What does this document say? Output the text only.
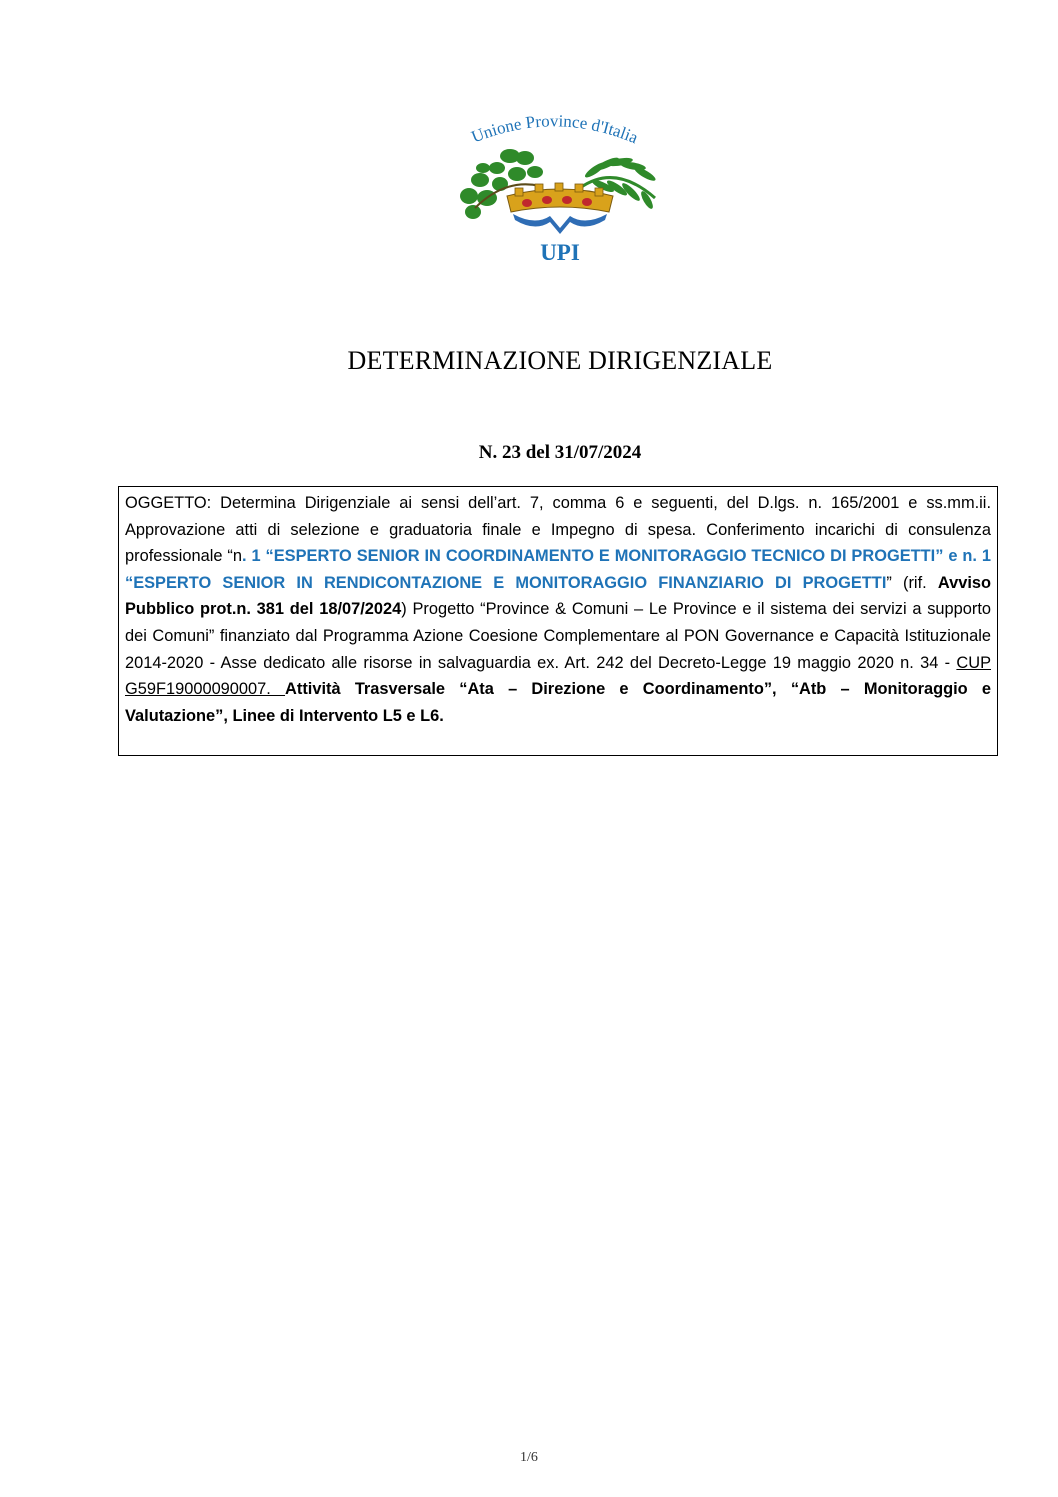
Unione Province d'Italia
UPI
DETERMINAZIONE DIRIGENZIALE
N. 23 del 31/07/2024
OGGETTO: Determina Dirigenziale ai sensi dell’art. 7, comma 6 e seguenti, del D.lgs. n. 165/2001 e ss.mm.ii. Approvazione atti di selezione e graduatoria finale e Impegno di spesa. Conferimento incarichi di consulenza professionale “n. 1 “ESPERTO SENIOR IN COORDINAMENTO E MONITORAGGIO TECNICO DI PROGETTI” e n. 1 “ESPERTO SENIOR IN RENDICONTAZIONE E MONITORAGGIO FINANZIARIO DI PROGETTI” (rif. Avviso Pubblico prot.n. 381 del 18/07/2024) Progetto “Province & Comuni – Le Province e il sistema dei servizi a supporto dei Comuni” finanziato dal Programma Azione Coesione Complementare al PON Governance e Capacità Istituzionale 2014-2020 - Asse dedicato alle risorse in salvaguardia ex. Art. 242 del Decreto-Legge 19 maggio 2020 n. 34 - CUP G59F19000090007. Attività Trasversale “Ata – Direzione e Coordinamento”, “Atb – Monitoraggio e Valutazione”, Linee di Intervento L5 e L6.
1/6
